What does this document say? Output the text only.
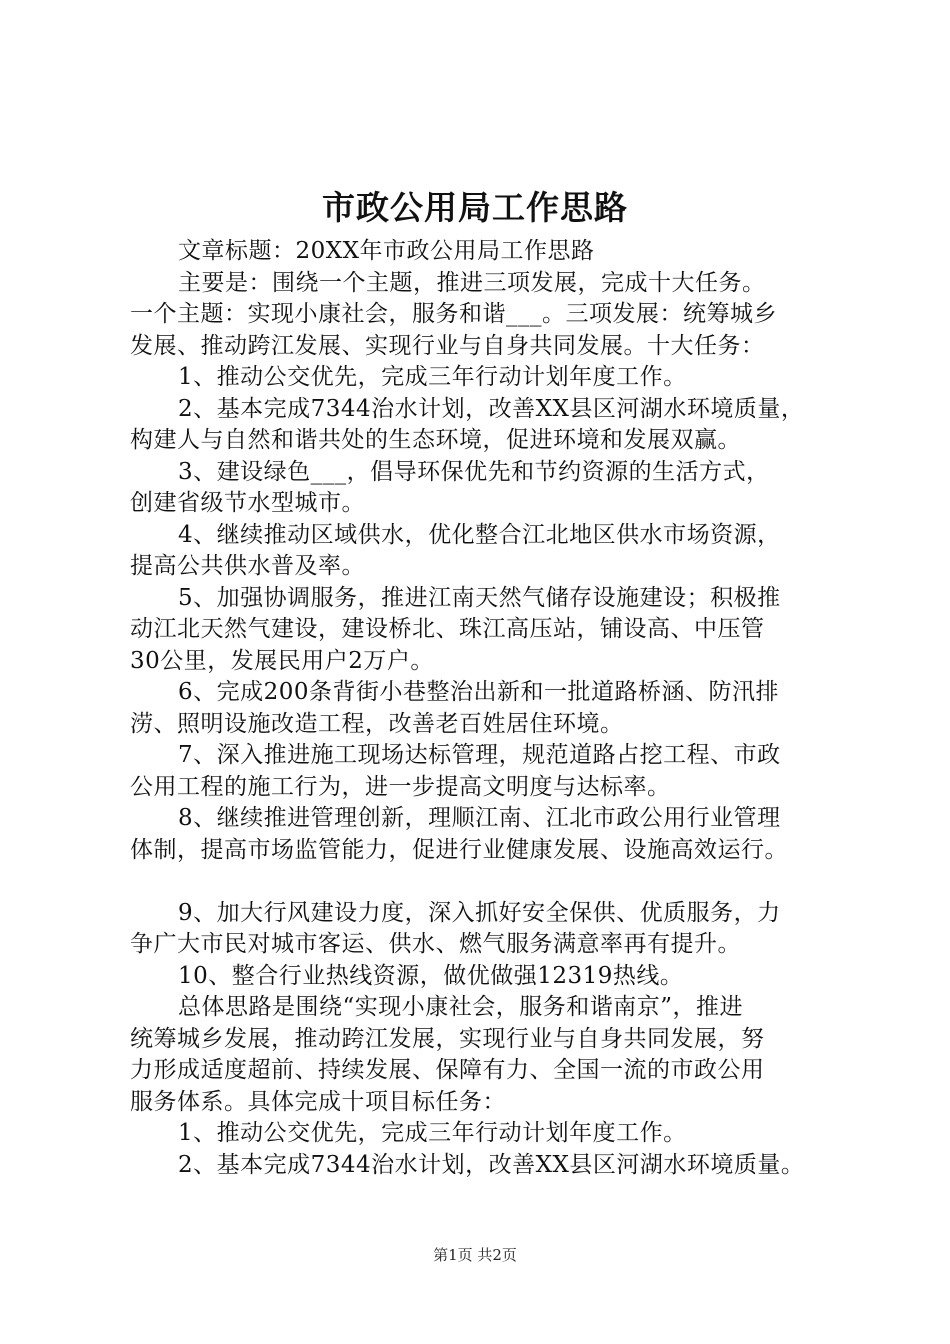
市政公用局工作思路
文章标题：20XX年市政公用局工作思路
主要是：围绕一个主题，推进三项发展，完成十大任务。
一个主题：实现小康社会，服务和谐___。三项发展：统筹城乡
发展、推动跨江发展、实现行业与自身共同发展。十大任务：
1、推动公交优先，完成三年行动计划年度工作。
2、基本完成7344治水计划，改善XX县区河湖水环境质量，
构建人与自然和谐共处的生态环境，促进环境和发展双赢。
3、建设绿色___，倡导环保优先和节约资源的生活方式，
创建省级节水型城市。
4、继续推动区域供水，优化整合江北地区供水市场资源，
提高公共供水普及率。
5、加强协调服务，推进江南天然气储存设施建设；积极推
动江北天然气建设，建设桥北、珠江高压站，铺设高、中压管
30公里，发展民用户2万户。
6、完成200条背街小巷整治出新和一批道路桥涵、防汛排
涝、照明设施改造工程，改善老百姓居住环境。
7、深入推进施工现场达标管理，规范道路占挖工程、市政
公用工程的施工行为，进一步提高文明度与达标率。
8、继续推进管理创新，理顺江南、江北市政公用行业管理
体制，提高市场监管能力，促进行业健康发展、设施高效运行。
9、加大行风建设力度，深入抓好安全保供、优质服务，力
争广大市民对城市客运、供水、燃气服务满意率再有提升。
10、整合行业热线资源，做优做强12319热线。
总体思路是围绕“实现小康社会，服务和谐南京”，推进
统筹城乡发展，推动跨江发展，实现行业与自身共同发展，努
力形成适度超前、持续发展、保障有力、全国一流的市政公用
服务体系。具体完成十项目标任务：
1、推动公交优先，完成三年行动计划年度工作。
2、基本完成7344治水计划，改善XX县区河湖水环境质量。
第1页 共2页
